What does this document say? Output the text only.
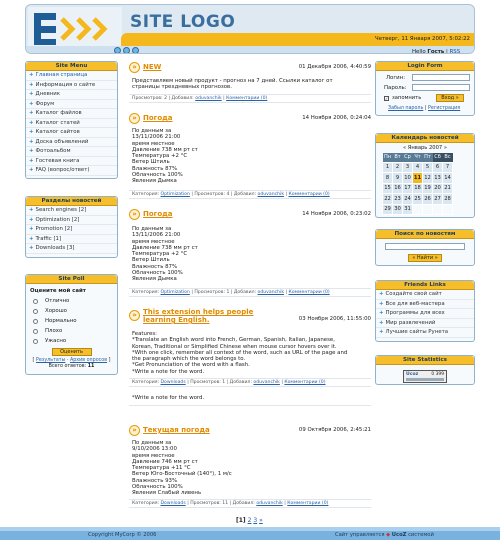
SITE LOGO
Четверг, 11 Января 2007, 5:02:22
Hello Гость | RSS
Site Menu
+ Главная страница
+ Информация о сайте
+ Дневник
+ Форум
+ Каталог файлов
+ Каталог статей
+ Каталог сайтов
+ Доска объявлений
+ Фотоальбом
+ Гостевая книга
+ FAQ (вопрос/ответ)
Разделы новостей
+ Search engines [2]
+ Optimization [2]
+ Promotion [2]
+ Traffic [1]
+ Downloads [3]
Site Poll
Оцените мой сайт
Отлично
Хорошо
Нормально
Плохо
Ужасно
Оценить
[ Результаты · Архив опросов ]
Всего ответов: 11
» NEW	01 Декабря 2006, 4:40:59
Представляем новый продукт - прогноз на 7 дней. Ссылки каталог от
страницы трехдневных прогнозов.
Просмотров: 2 | Добавил: oduvanchik | Комментарии (0)
» Погода	14 Ноября 2006, 0:24:04
По данным за
13/11/2006 21:00
время местное
Давление 738 мм рт ст
Температура +2 °C
Ветер Штиль
Влажность 87%
Облачность 100%
Явления Дымка
Категория: Optimization | Просмотров: 4 | Добавил: oduvanchik | Комментарии (0)
» Погода	14 Ноября 2006, 0:23:02
По данным за
13/11/2006 21:00
время местное
Давление 738 мм рт ст
Температура +2 °C
Ветер Штиль
Влажность 87%
Облачность 100%
Явления Дымка
Категория: Optimization | Просмотров: 1 | Добавил: oduvanchik | Комментарии (0)
» This extension helps people learning English.	03 Ноября 2006, 11:55:00
Features:
*Translate an English word into French, German, Spanish, Italian, Japanese,
Korean, Traditional or Simplified Chinese when mouse cursor hovers over it.
*With one click, remember all context of the word, such as URL of the page and
the paragraph which the word belongs to.
*Get Pronunciation of the word with a flash.
*Write a note for the word.
Категория: Downloads | Просмотров: 1 | Добавил: oduvanchik | Комментарии (0)
*Write a note for the word.
» Текущая погода	09 Октября 2006, 2:45:21
По данным за
9/10/2006 13:00
время местное
Давление 746 мм рт ст
Температура +11 °C
Ветер Юго-Восточный (140°), 1 м/с
Влажность 93%
Облачность 100%
Явления Слабый ливень
Категория: Downloads | Просмотров: 11 | Добавил: oduvanchik | Комментарии (0)
[1] 2 3 »
Login Form
Логин:
Пароль:
✓ запомнить	Вход »
Забыл пароль | Регистрация
Календарь новостей
« Январь 2007 »
Пн	Вт	Ср	Чт	Пт	Сб	Вс
1	2	3	4	5	6	7
8	9	10	11	12	13	14
15	16	17	18	19	20	21
22	23	24	25	26	27	28
29	30	31				
Поиск по новостям
« Найти »
Friends Links
+ Создайте свой сайт
+ Все для веб-мастера
+ Программы для всех
+ Мир развлечений
+ Лучшие сайты Рунета
Site Statistics
Ucoz	0 399
Copyright MyCorp © 2006	Сайт управляется ◆ UcoZ системой
